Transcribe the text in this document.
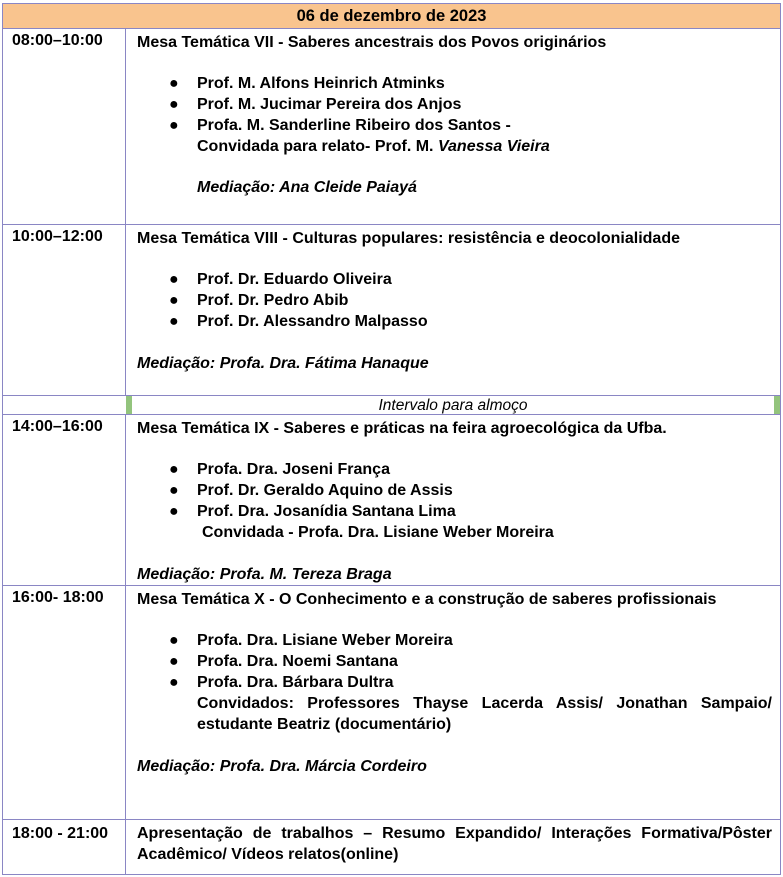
06 de dezembro de 2023
08:00–10:00	Mesa Temática VII - Saberes ancestrais dos Povos originários
● Prof. M. Alfons Heinrich Atminks
● Prof. M. Jucimar Pereira dos Anjos
● Profa. M. Sanderline Ribeiro dos Santos -
Convidada para relato- Prof. M. Vanessa Vieira
Mediação: Ana Cleide Paiayá
10:00–12:00	Mesa Temática VIII - Culturas populares: resistência e deocolonialidade
● Prof. Dr. Eduardo Oliveira
● Prof. Dr. Pedro Abib
● Prof. Dr. Alessandro Malpasso
Mediação: Profa. Dra. Fátima Hanaque
Intervalo para almoço
14:00–16:00	Mesa Temática IX - Saberes e práticas na feira agroecológica da Ufba.
● Profa. Dra. Joseni França
● Prof. Dr. Geraldo Aquino de Assis
● Prof. Dra. Josanídia Santana Lima
Convidada - Profa. Dra. Lisiane Weber Moreira
Mediação: Profa. M. Tereza Braga
16:00- 18:00	Mesa Temática X - O Conhecimento e a construção de saberes profissionais
● Profa. Dra. Lisiane Weber Moreira
● Profa. Dra. Noemi Santana
● Profa. Dra. Bárbara Dultra
Convidados: Professores Thayse Lacerda Assis/ Jonathan Sampaio/ estudante Beatriz (documentário)
Mediação: Profa. Dra. Márcia Cordeiro
18:00 - 21:00	Apresentação de trabalhos – Resumo Expandido/ Interações Formativa/Pôster Acadêmico/ Vídeos relatos(online)
